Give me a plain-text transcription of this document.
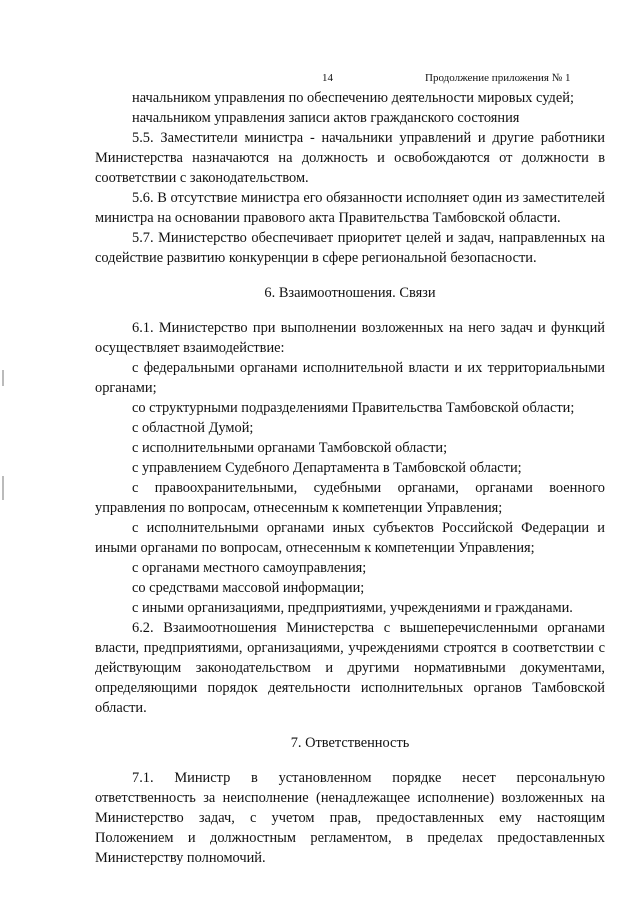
14	Продолжение приложения № 1

начальником управления по обеспечению деятельности мировых судей;

начальником управления записи актов гражданского состояния

5.5. Заместители министра - начальники управлений и другие работники Министерства назначаются на должность и освобождаются от должности в соответствии с законодательством.

5.6. В отсутствие министра его обязанности исполняет один из заместителей министра на основании правового акта Правительства Тамбовской области.

5.7. Министерство обеспечивает приоритет целей и задач, направленных на содействие развитию конкуренции в сфере региональной безопасности.

6. Взаимоотношения. Связи

6.1. Министерство при выполнении возложенных на него задач и функций осуществляет взаимодействие:

с федеральными органами исполнительной власти и их территориальными органами;

со структурными подразделениями Правительства Тамбовской области;

с областной Думой;

с исполнительными органами Тамбовской области;

с управлением Судебного Департамента в Тамбовской области;

с правоохранительными, судебными органами, органами военного управления по вопросам, отнесенным к компетенции Управления;

с исполнительными органами иных субъектов Российской Федерации и иными органами по вопросам, отнесенным к компетенции Управления;

с органами местного самоуправления;

со средствами массовой информации;

с иными организациями, предприятиями, учреждениями и гражданами.

6.2. Взаимоотношения Министерства с вышеперечисленными органами власти, предприятиями, организациями, учреждениями строятся в соответствии с действующим законодательством и другими нормативными документами, определяющими порядок деятельности исполнительных органов Тамбовской области.

7. Ответственность

7.1. Министр в установленном порядке несет персональную ответственность за неисполнение (ненадлежащее исполнение) возложенных на Министерство задач, с учетом прав, предоставленных ему настоящим Положением и должностным регламентом, в пределах предоставленных Министерству полномочий.
